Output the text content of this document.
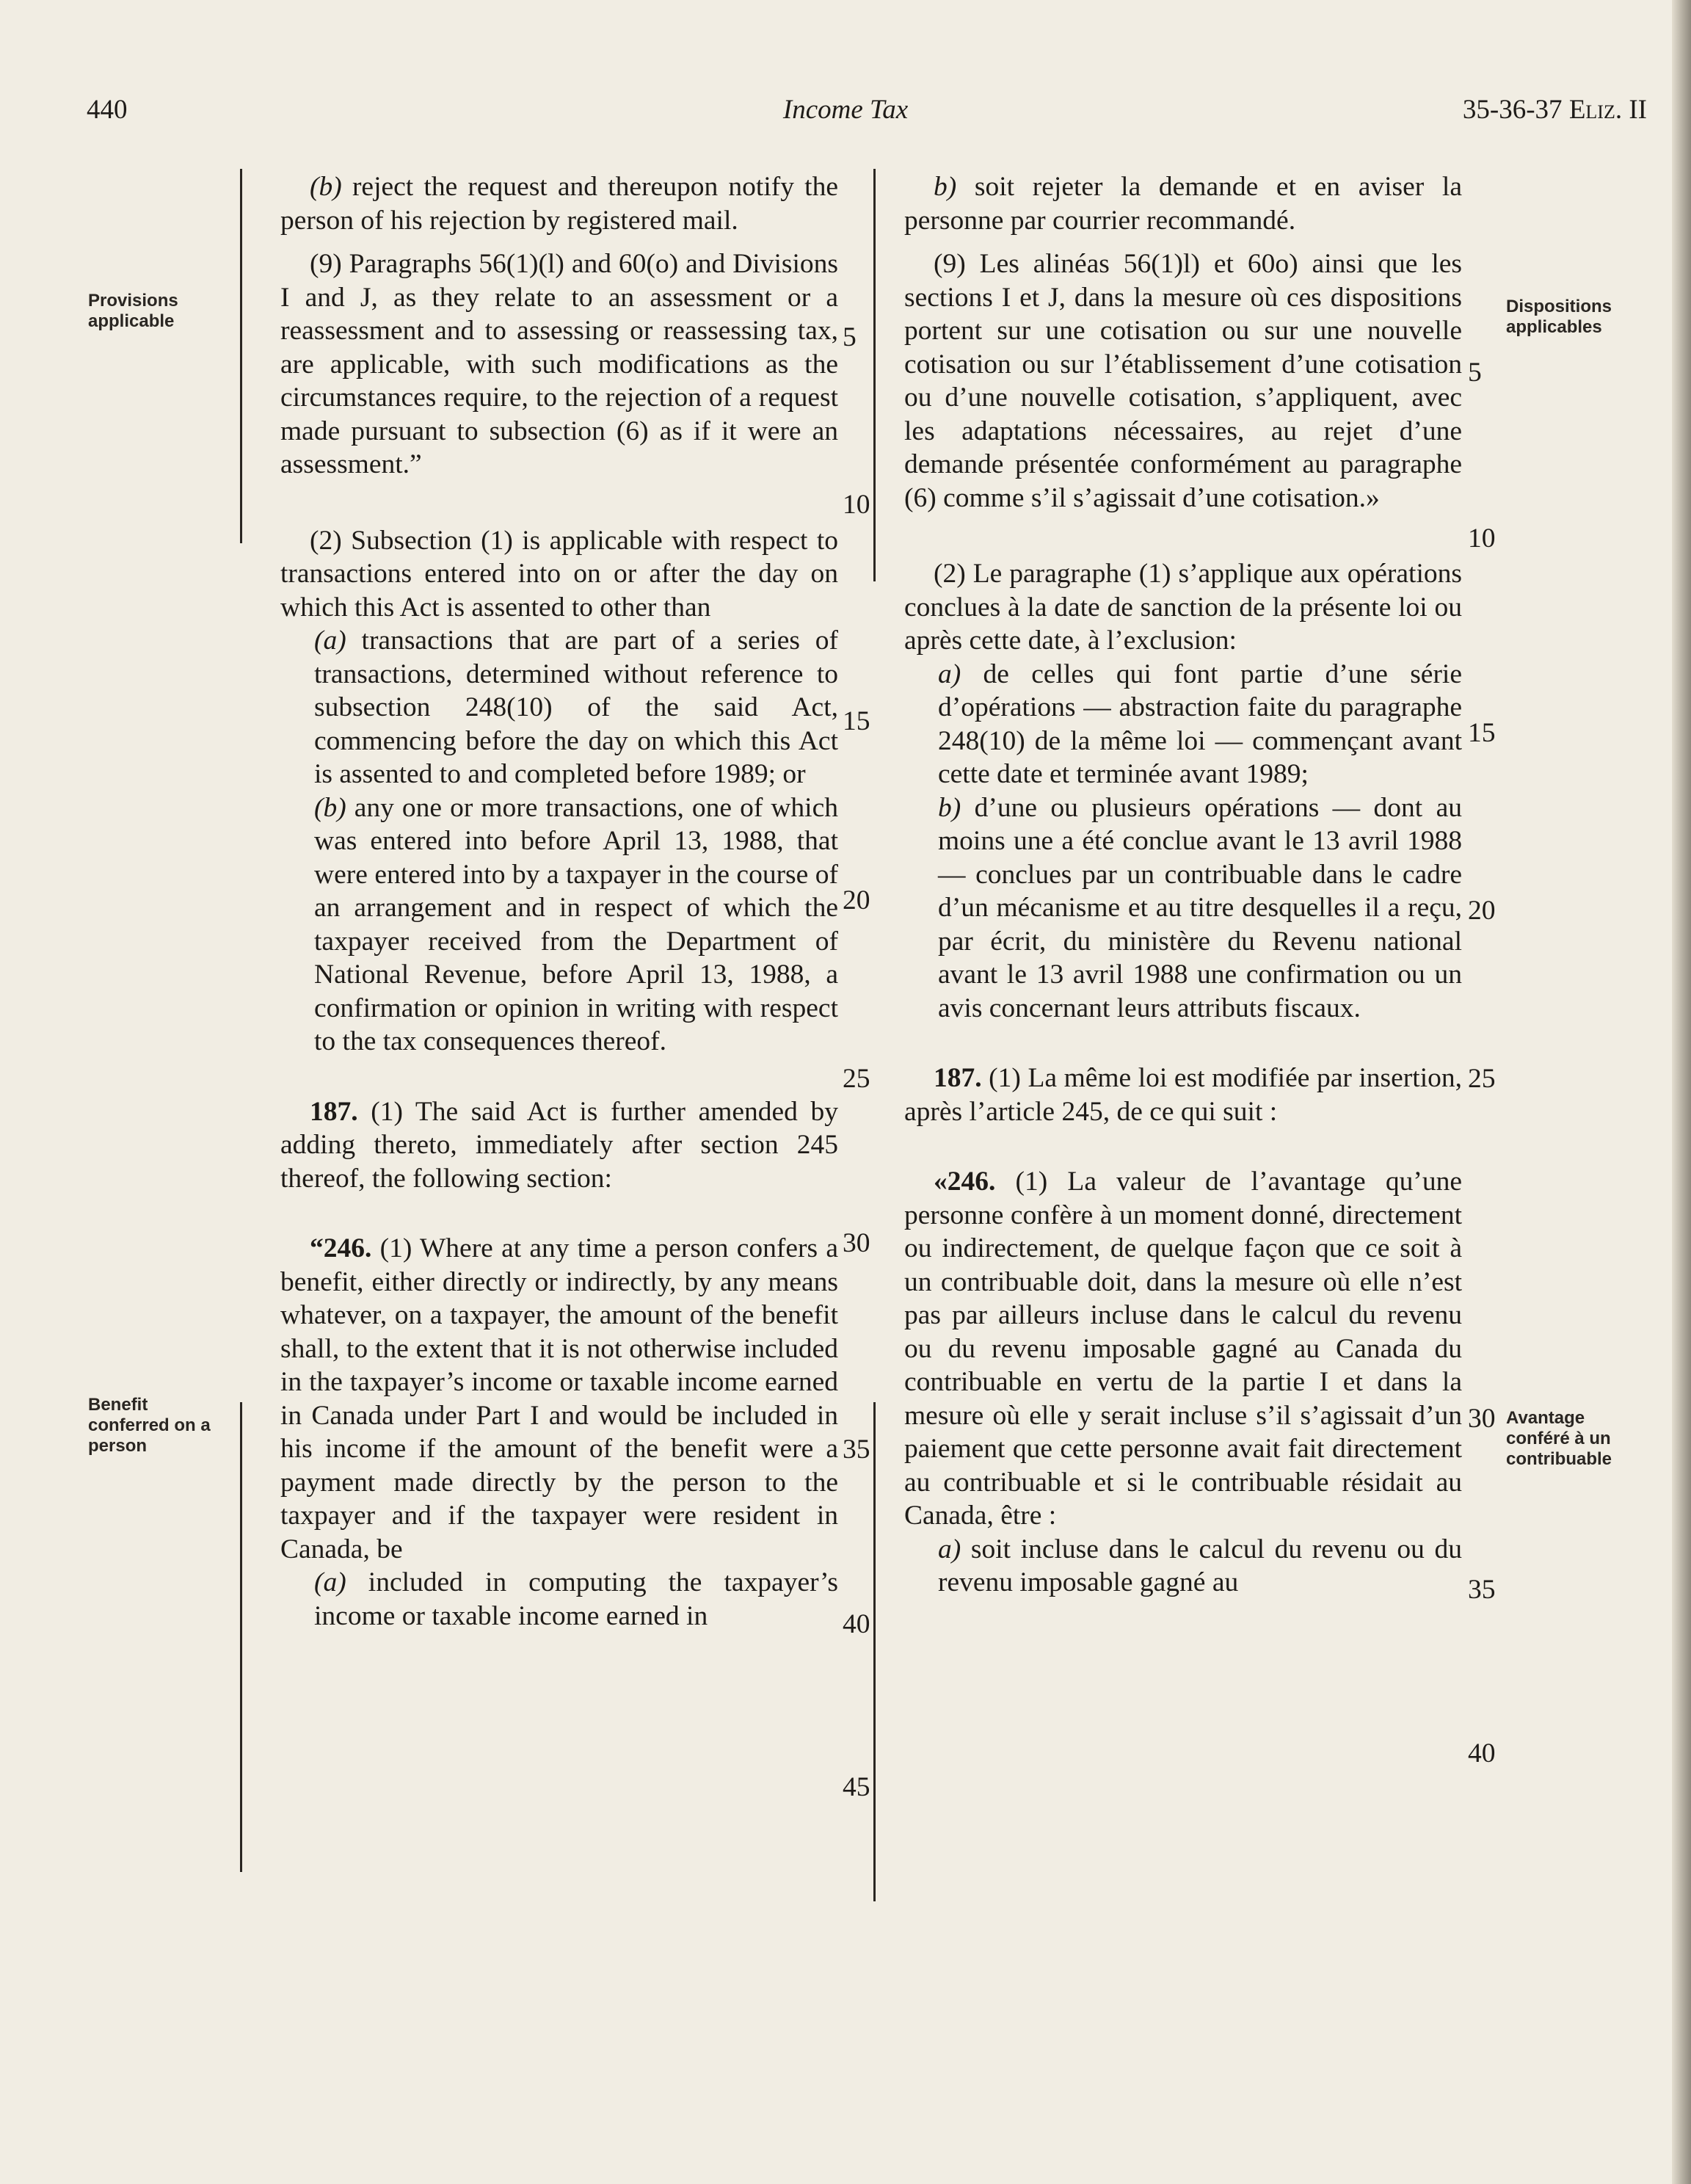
440	Income Tax	35-36-37 Eliz. II
Provisions applicable
Dispositions applicables
Benefit conferred on a person
Avantage conféré à un contribuable

(b) reject the request and thereupon notify the person of his rejection by registered mail.

(9) Paragraphs 56(1)(l) and 60(o) and Divisions I and J, as they relate to an assessment or a reassessment and to assessing or reassessing tax, are applicable, with such modifications as the circumstances require, to the rejection of a request made pursuant to subsection (6) as if it were an assessment.”

(2) Subsection (1) is applicable with respect to transactions entered into on or after the day on which this Act is assented to other than

(a) transactions that are part of a series of transactions, determined without reference to subsection 248(10) of the said Act, commencing before the day on which this Act is assented to and completed before 1989; or

(b) any one or more transactions, one of which was entered into before April 13, 1988, that were entered into by a taxpayer in the course of an arrangement and in respect of which the taxpayer received from the Department of National Revenue, before April 13, 1988, a confirmation or opinion in writing with respect to the tax consequences thereof.

187. (1) The said Act is further amended by adding thereto, immediately after section 245 thereof, the following section:

“246. (1) Where at any time a person confers a benefit, either directly or indirectly, by any means whatever, on a taxpayer, the amount of the benefit shall, to the extent that it is not otherwise included in the taxpayer’s income or taxable income earned in Canada under Part I and would be included in his income if the amount of the benefit were a payment made directly by the person to the taxpayer and if the taxpayer were resident in Canada, be

(a) included in computing the taxpayer’s income or taxable income earned in

b) soit rejeter la demande et en aviser la personne par courrier recommandé.

(9) Les alinéas 56(1)l) et 60o) ainsi que les sections I et J, dans la mesure où ces dispositions portent sur une cotisation ou sur une nouvelle cotisation ou sur l’établissement d’une cotisation ou d’une nouvelle cotisation, s’appliquent, avec les adaptations nécessaires, au rejet d’une demande présentée conformément au paragraphe (6) comme s’il s’agissait d’une cotisation.»

(2) Le paragraphe (1) s’applique aux opérations conclues à la date de sanction de la présente loi ou après cette date, à l’exclusion:

a) de celles qui font partie d’une série d’opérations — abstraction faite du paragraphe 248(10) de la même loi — commençant avant cette date et terminée avant 1989;

b) d’une ou plusieurs opérations — dont au moins une a été conclue avant le 13 avril 1988 — conclues par un contribuable dans le cadre d’un mécanisme et au titre desquelles il a reçu, par écrit, du ministère du Revenu national avant le 13 avril 1988 une confirmation ou un avis concernant leurs attributs fiscaux.

187. (1) La même loi est modifiée par insertion, après l’article 245, de ce qui suit :

«246. (1) La valeur de l’avantage qu’une personne confère à un moment donné, directement ou indirectement, de quelque façon que ce soit à un contribuable doit, dans la mesure où elle n’est pas par ailleurs incluse dans le calcul du revenu ou du revenu imposable gagné au Canada du contribuable en vertu de la partie I et dans la mesure où elle y serait incluse s’il s’agissait d’un paiement que cette personne avait fait directement au contribuable et si le contribuable résidait au Canada, être :

a) soit incluse dans le calcul du revenu ou du revenu imposable gagné au

5
10
15
20
25
30
35
40
45
5
10
15
20
25
30
35
40
